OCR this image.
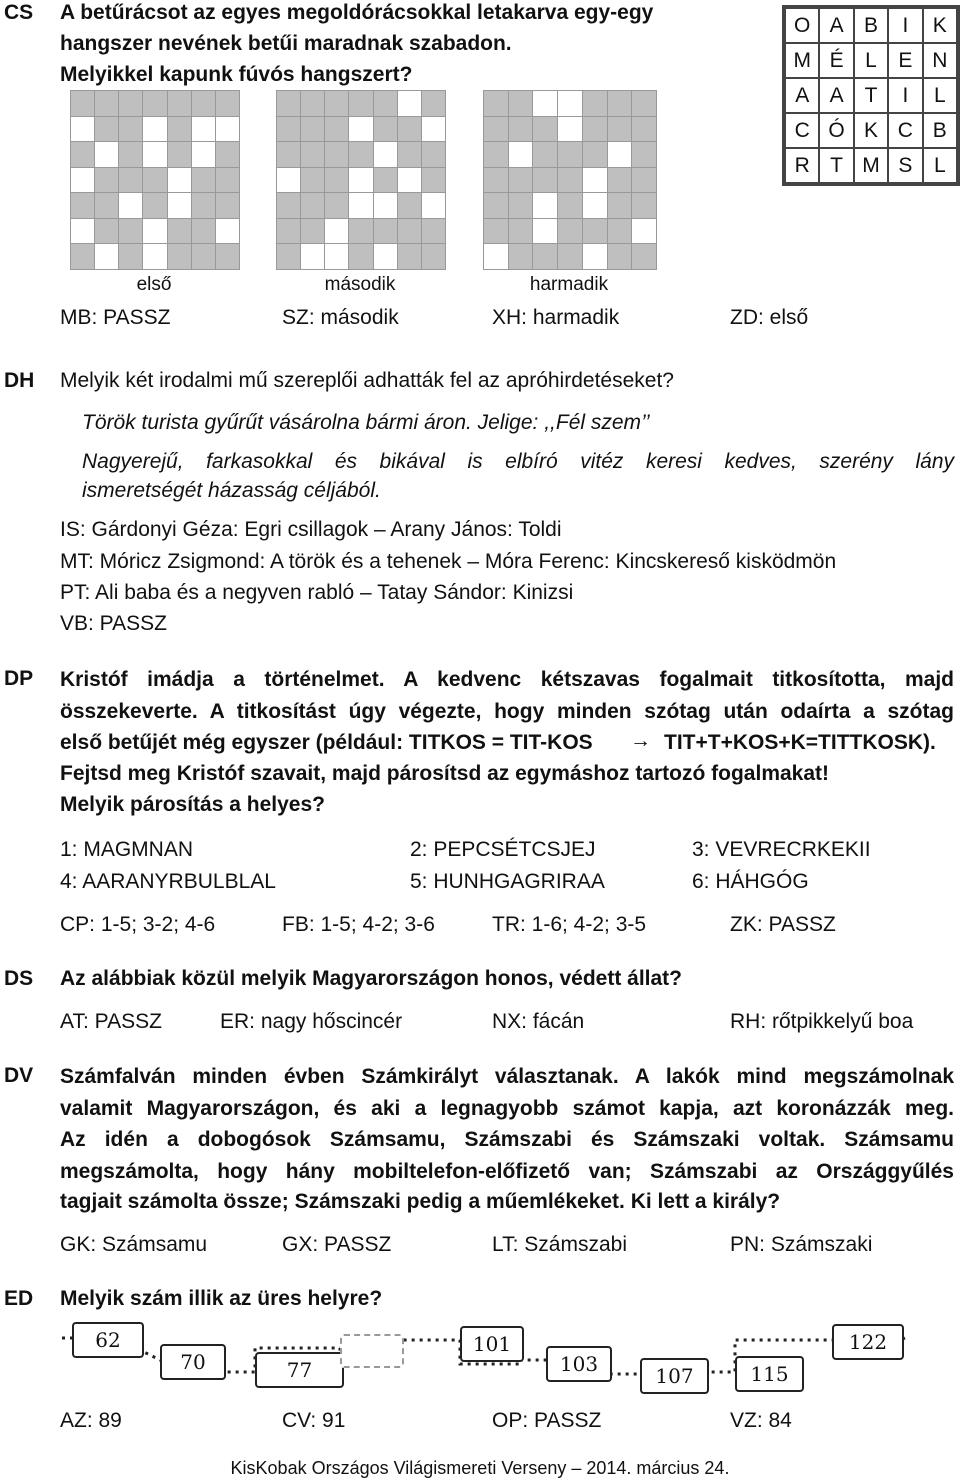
CS A betűrácsot az egyes megoldórácsokkal letakarva egy-egy
hangszer nevének betűi maradnak szabadon.
Melyikkel kapunk fúvós hangszert?
O A B	I	K
M É	L	E N
A A T	I	L
C Ó K C B
R T M S	L
első	második	harmadik
MB: PASSZ	SZ: második	XH: harmadik	ZD: első
DH Melyik két irodalmi mű szereplői adhatták fel az apróhirdetéseket?
Török turista gyűrűt vásárolna bármi áron. Jelige: ,,Fél szem’’
Nagyerejű, farkasokkal és bikával is elbíró vitéz keresi kedves, szerény lány
ismeretségét házasság céljából.
IS: Gárdonyi Géza: Egri csillagok – Arany János: Toldi
MT: Móricz Zsigmond: A török és a tehenek – Móra Ferenc: Kincskereső kisködmön
PT: Ali baba és a negyven rabló – Tatay Sándor: Kinizsi
VB: PASSZ
DP Kristóf imádja a történelmet. A kedvenc kétszavas fogalmait titkosította, majd
összekeverte. A titkosítást úgy végezte, hogy minden szótag után odaírta a szótag
első betűjét még egyszer (például: TITKOS = TIT-KOS → TIT+T+KOS+K=TITTKOSK).
Fejtsd meg Kristóf szavait, majd párosítsd az egymáshoz tartozó fogalmakat!
Melyik párosítás a helyes?
1: MAGMNAN	2: PEPCSÉTCSJEJ	3: VEVRECRKEKII
4: AARANYRBULBLAL	5: HUNHGAGRIRAA	6: HÁHGÓG
CP: 1-5; 3-2; 4-6	FB: 1-5; 4-2; 3-6	TR: 1-6; 4-2; 3-5	ZK: PASSZ
DS Az alábbiak közül melyik Magyarországon honos, védett állat?
AT: PASSZ	ER: nagy hőscincér	NX: fácán	RH: rőtpikkelyű boa
DV Számfalván minden évben Számkirályt választanak. A lakók mind megszámolnak
valamit Magyarországon, és aki a legnagyobb számot kapja, azt koronázzák meg.
Az idén a dobogósok Számsamu, Számszabi és Számszaki voltak. Számsamu
megszámolta, hogy hány mobiltelefon-előfizető van; Számszabi az Országgyűlés
tagjait számolta össze; Számszaki pedig a műemlékeket. Ki lett a király?
GK: Számsamu	GX: PASSZ	LT: Számszabi	PN: Számszaki
ED Melyik szám illik az üres helyre?
62
70	77
101
103	107	115
122
AZ: 89	CV: 91	OP: PASSZ	VZ: 84
KisKobak Országos Világismereti Verseny – 2014. március 24.
